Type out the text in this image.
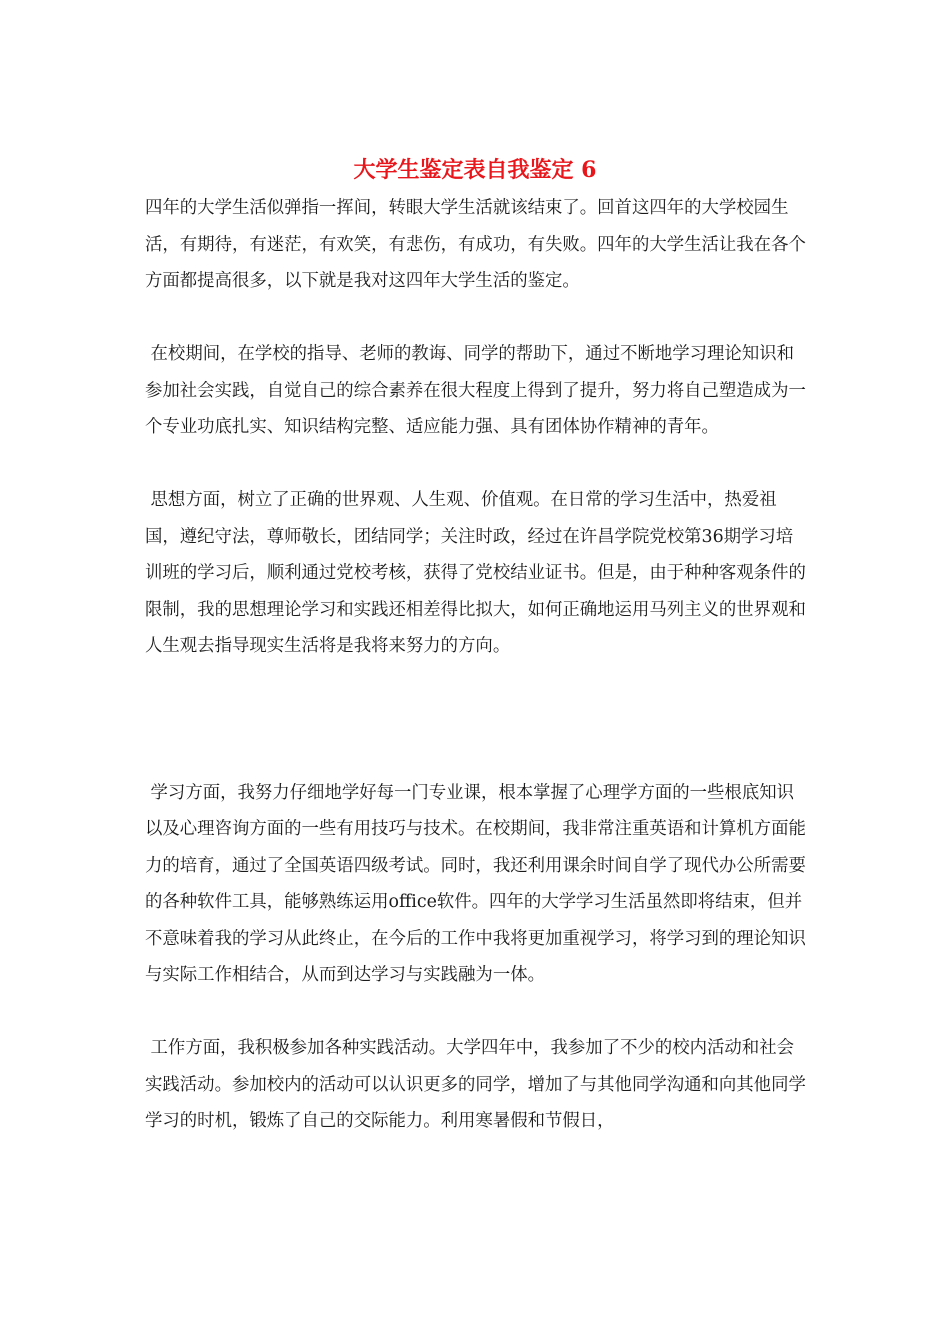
大学生鉴定表自我鉴定 6

四年的大学生活似弹指一挥间，转眼大学生活就该结束了。回首这四年的大学校园生活，有期待，有迷茫，有欢笑，有悲伤，有成功，有失败。四年的大学生活让我在各个方面都提高很多，以下就是我对这四年大学生活的鉴定。

在校期间，在学校的指导、老师的教诲、同学的帮助下，通过不断地学习理论知识和参加社会实践，自觉自己的综合素养在很大程度上得到了提升，努力将自己塑造成为一个专业功底扎实、知识结构完整、适应能力强、具有团体协作精神的青年。

思想方面，树立了正确的世界观、人生观、价值观。在日常的学习生活中，热爱祖国，遵纪守法，尊师敬长，团结同学；关注时政，经过在许昌学院党校第36期学习培训班的学习后，顺利通过党校考核，获得了党校结业证书。但是，由于种种客观条件的限制，我的思想理论学习和实践还相差得比拟大，如何正确地运用马列主义的世界观和人生观去指导现实生活将是我将来努力的方向。

学习方面，我努力仔细地学好每一门专业课，根本掌握了心理学方面的一些根底知识以及心理咨询方面的一些有用技巧与技术。在校期间，我非常注重英语和计算机方面能力的培育，通过了全国英语四级考试。同时，我还利用课余时间自学了现代办公所需要的各种软件工具，能够熟练运用office软件。四年的大学学习生活虽然即将结束，但并不意味着我的学习从此终止，在今后的工作中我将更加重视学习，将学习到的理论知识与实际工作相结合，从而到达学习与实践融为一体。

工作方面，我积极参加各种实践活动。大学四年中，我参加了不少的校内活动和社会实践活动。参加校内的活动可以认识更多的同学，增加了与其他同学沟通和向其他同学学习的时机，锻炼了自己的交际能力。利用寒暑假和节假日，
